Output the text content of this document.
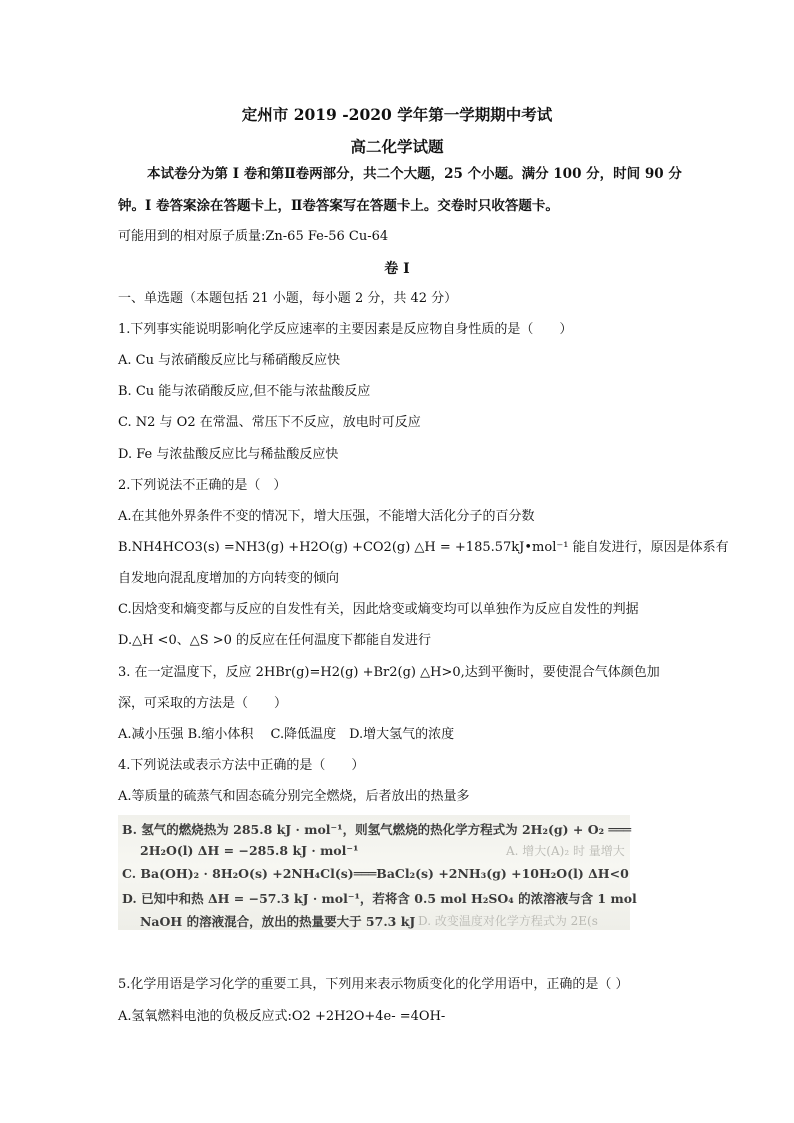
定州市 2019 -2020 学年第一学期期中考试
高二化学试题
本试卷分为第 I 卷和第Ⅱ卷两部分，共二个大题，25 个小题。满分 100 分，时间 90 分
钟。I 卷答案涂在答题卡上，Ⅱ卷答案写在答题卡上。交卷时只收答题卡。
可能用到的相对原子质量:Zn-65 Fe-56 Cu-64
卷 I
一、单选题（本题包括 21 小题，每小题 2 分，共 42 分）
1.下列事实能说明影响化学反应速率的主要因素是反应物自身性质的是（　　）
A. Cu 与浓硝酸反应比与稀硝酸反应快
B. Cu 能与浓硝酸反应,但不能与浓盐酸反应
C. N2 与 O2 在常温、常压下不反应，放电时可反应
D. Fe 与浓盐酸反应比与稀盐酸反应快
2.下列说法不正确的是（　）
A.在其他外界条件不变的情况下，增大压强，不能增大活化分子的百分数
B.NH4HCO3(s) =NH3(g) +H2O(g) +CO2(g) △H = +185.57kJ•mol⁻¹ 能自发进行，原因是体系有
自发地向混乱度增加的方向转变的倾向
C.因焓变和熵变都与反应的自发性有关，因此焓变或熵变均可以单独作为反应自发性的判据
D.△H <0、△S >0 的反应在任何温度下都能自发进行
3. 在一定温度下，反应 2HBr(g)=H2(g) +Br2(g) △H>0,达到平衡时，要使混合气体颜色加
深，可采取的方法是（　　）
A.减小压强 B.缩小体积　 C.降低温度　D.增大氢气的浓度
4.下列说法或表示方法中正确的是（　　）
A.等质量的硫蒸气和固态硫分别完全燃烧，后者放出的热量多
A. 增大(A)₂ 时 量增大
D. 改变温度对化学方程式为 2E(s
B. 氢气的燃烧热为 285.8 kJ · mol⁻¹，则氢气燃烧的热化学方程式为 2H₂(g) + O₂ ═══
2H₂O(l) ΔH = −285.8 kJ · mol⁻¹
C. Ba(OH)₂ · 8H₂O(s) +2NH₄Cl(s)═══BaCl₂(s) +2NH₃(g) +10H₂O(l) ΔH<0
D. 已知中和热 ΔH = −57.3 kJ · mol⁻¹，若将含 0.5 mol H₂SO₄ 的浓溶液与含 1 mol
NaOH 的溶液混合，放出的热量要大于 57.3 kJ
5.化学用语是学习化学的重要工具，下列用来表示物质变化的化学用语中，正确的是（ ）
A.氢氧燃料电池的负极反应式:O2 +2H2O+4e- =4OH-
